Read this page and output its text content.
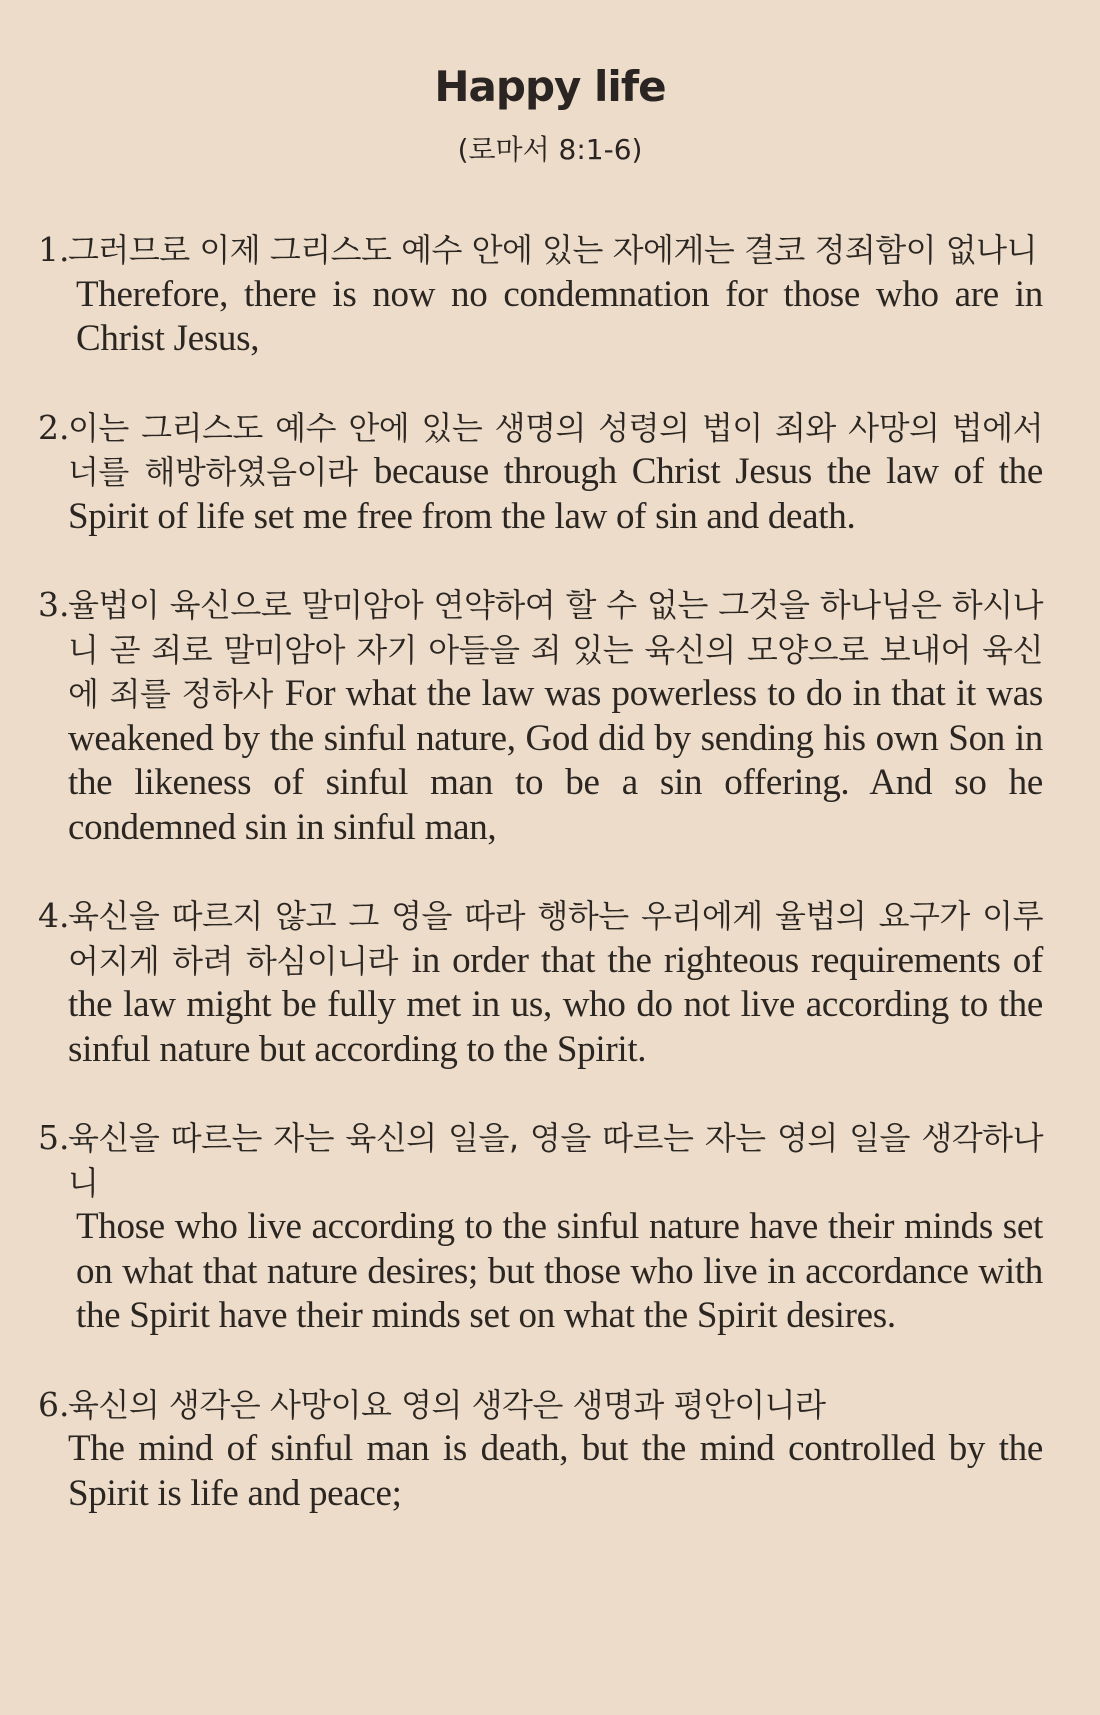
Happy life
(로마서 8:1-6)
1.
그러므로 이제 그리스도 예수 안에 있는 자에게는 결코 정죄함이 없나니
Therefore, there is now no condemnation for those who are in Christ Jesus,
2.
이는 그리스도 예수 안에 있는 생명의 성령의 법이 죄와 사망의 법에서 너를 해방하였음이라 because through Christ Jesus the law of the Spirit of life set me free from the law of sin and death.
3.
율법이 육신으로 말미암아 연약하여 할 수 없는 그것을 하나님은 하시나니 곧 죄로 말미암아 자기 아들을 죄 있는 육신의 모양으로 보내어 육신에 죄를 정하사 For what the law was powerless to do in that it was weakened by the sinful nature, God did by sending his own Son in the likeness of sinful man to be a sin offering. And so he condemned sin in sinful man,
4.
육신을 따르지 않고 그 영을 따라 행하는 우리에게 율법의 요구가 이루어지게 하려 하심이니라 in order that the righteous requirements of the law might be fully met in us, who do not live according to the sinful nature but according to the Spirit.
5.
육신을 따르는 자는 육신의 일을, 영을 따르는 자는 영의 일을 생각하나니
Those who live according to the sinful nature have their minds set on what that nature desires; but those who live in accordance with the Spirit have their minds set on what the Spirit desires.
6.
육신의 생각은 사망이요 영의 생각은 생명과 평안이니라
The mind of sinful man is death, but the mind controlled by the Spirit is life and peace;
